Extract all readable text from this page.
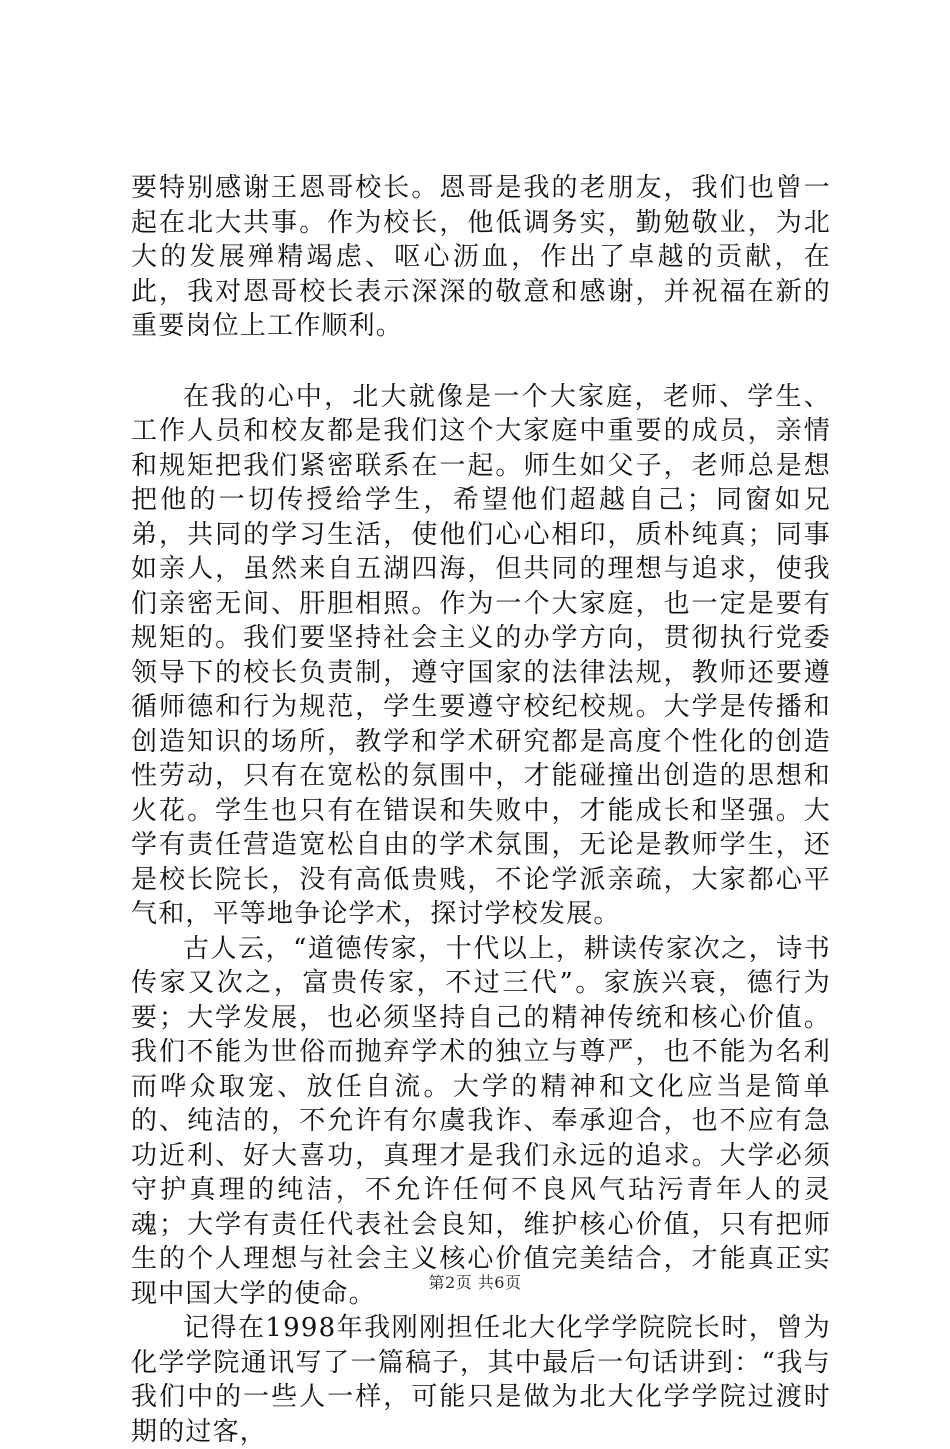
要特别感谢王恩哥校长。恩哥是我的老朋友，我们也曾一起在北大共事。作为校长，他低调务实，勤勉敬业，为北大的发展殚精竭虑、呕心沥血，作出了卓越的贡献，在此，我对恩哥校长表示深深的敬意和感谢，并祝福在新的重要岗位上工作顺利。

在我的心中，北大就像是一个大家庭，老师、学生、工作人员和校友都是我们这个大家庭中重要的成员，亲情和规矩把我们紧密联系在一起。师生如父子，老师总是想把他的一切传授给学生，希望他们超越自己；同窗如兄弟，共同的学习生活，使他们心心相印，质朴纯真；同事如亲人，虽然来自五湖四海，但共同的理想与追求，使我们亲密无间、肝胆相照。作为一个大家庭，也一定是要有规矩的。我们要坚持社会主义的办学方向，贯彻执行党委领导下的校长负责制，遵守国家的法律法规，教师还要遵循师德和行为规范，学生要遵守校纪校规。大学是传播和创造知识的场所，教学和学术研究都是高度个性化的创造性劳动，只有在宽松的氛围中，才能碰撞出创造的思想和火花。学生也只有在错误和失败中，才能成长和坚强。大学有责任营造宽松自由的学术氛围，无论是教师学生，还是校长院长，没有高低贵贱，不论学派亲疏，大家都心平气和，平等地争论学术，探讨学校发展。

古人云，“道德传家，十代以上，耕读传家次之，诗书传家又次之，富贵传家，不过三代”。家族兴衰，德行为要；大学发展，也必须坚持自己的精神传统和核心价值。我们不能为世俗而抛弃学术的独立与尊严，也不能为名利而哗众取宠、放任自流。大学的精神和文化应当是简单的、纯洁的，不允许有尔虞我诈、奉承迎合，也不应有急功近利、好大喜功，真理才是我们永远的追求。大学必须守护真理的纯洁，不允许任何不良风气玷污青年人的灵魂；大学有责任代表社会良知，维护核心价值，只有把师生的个人理想与社会主义核心价值完美结合，才能真正实现中国大学的使命。

记得在1998年我刚刚担任北大化学学院院长时，曾为化学学院通讯写了一篇稿子，其中最后一句话讲到：“我与我们中的一些人一样，可能只是做为北大化学学院过渡时期的过客，

第2页 共6页
